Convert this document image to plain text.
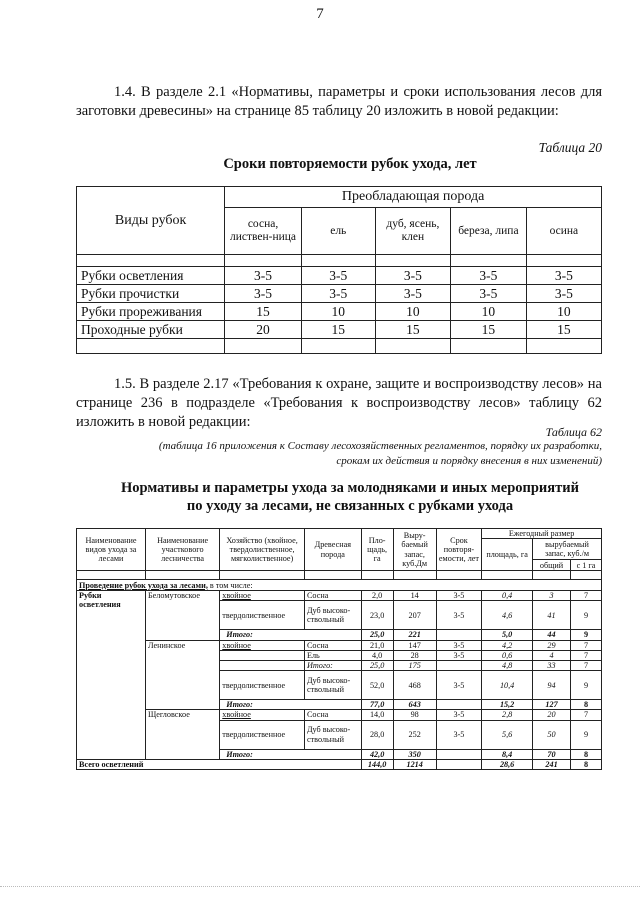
7
1.4. В разделе 2.1 «Нормативы, параметры и сроки использования лесов для заготовки древесины» на странице 85 таблицу 20 изложить в новой редакции:
Таблица 20
Сроки повторяемости рубок ухода, лет
Виды рубок	Преобладающая порода				
	сосна, листвен-ница	ель	дуб, ясень, клен	береза, липа	осина

Рубки осветления	3-5	3-5	3-5	3-5	3-5
Рубки прочистки	3-5	3-5	3-5	3-5	3-5
Рубки прореживания	15	10	10	10	10
Проходные рубки	20	15	15	15	15

1.5. В разделе 2.17 «Требования к охране, защите и воспроизводству лесов» на странице 236 в подразделе «Требования к воспроизводству лесов» таблицу 62 изложить в новой редакции:
Таблица 62
(таблица 16 приложения к Составу лесохозяйственных регламентов, порядку их разработки,
срокам их действия и порядку внесения в них изменений)
Нормативы и параметры ухода за молодняками и иных мероприятий
по уходу за лесами, не связанных с рубками ухода
Наименование видов ухода за лесами	Наименование участкового лесничества	Хозяйство (хвойное, твердолиственное, мягколиственное)	Древесная порода	Пло-щадь, га	Выру-баемый запас, куб.Дм	Срок повторя-емости, лет	Ежегодный размер		
							площадь, га	вырубаемый запас, куб./м	
								общий	с 1 га

Проведение рубок ухода за лесами, в том числе:									
Рубки осветления	Беломутовское	хвойное	Сосна	2,0	14	3-5	0,4	3	7
		твердолиственное	Дуб высоко-ствольный	23,0	207	3-5	4,6	41	9
		Итого:		25,0	221		5,0	44	9
	Ленинское	хвойное	Сосна	21,0	147	3-5	4,2	29	7
			Ель	4,0	28	3-5	0,6	4	7
			Итого:	25,0	175		4,8	33	7
		твердолиственное	Дуб высоко-ствольный	52,0	468	3-5	10,4	94	9
		Итого:		77,0	643		15,2	127	8
	Щегловское	хвойное	Сосна	14,0	98	3-5	2,8	20	7
		твердолиственное	Дуб высоко-ствольный	28,0	252	3-5	5,6	50	9
		Итого:		42,0	350		8,4	70	8
Всего осветлений				144,0	1214		28,6	241	8
